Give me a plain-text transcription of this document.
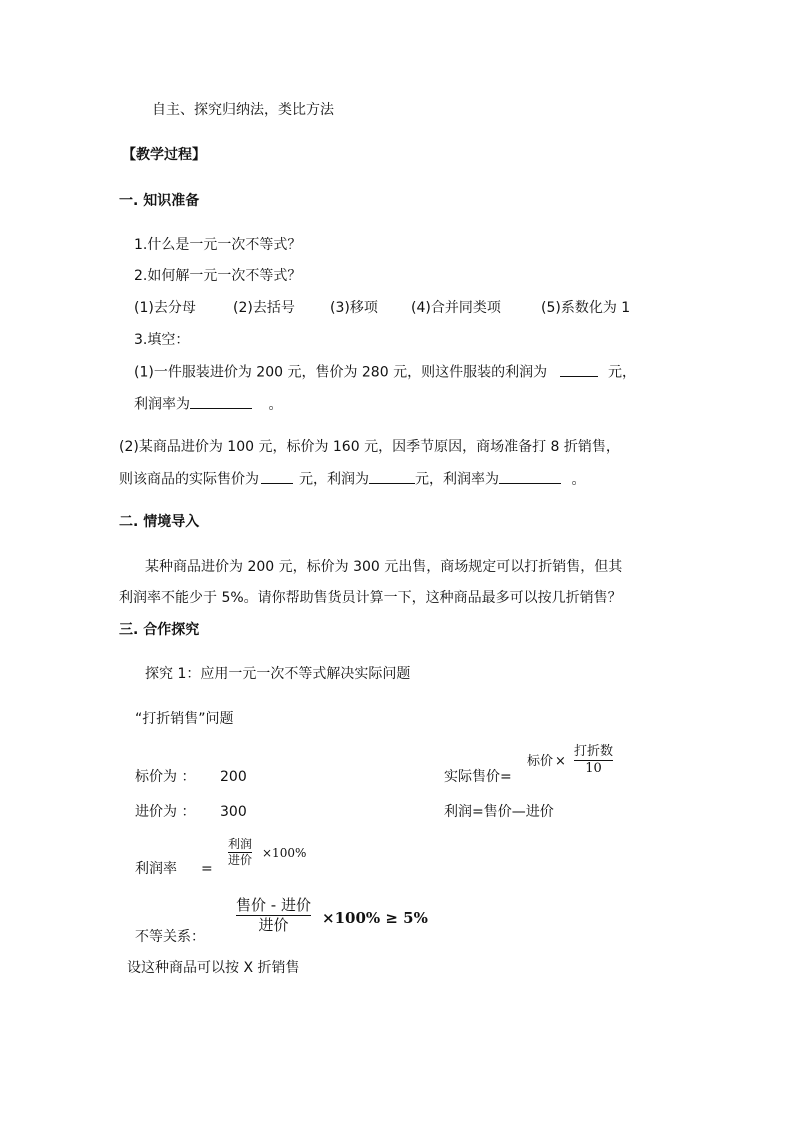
自主、探究归纳法，类比方法
【教学过程】
一. 知识准备
1.什么是一元一次不等式？
2.如何解一元一次不等式？
(1)去分母	(2)去括号	(3)移项 (4)合并同类项	(5)系数化为 1
3.填空：
(1)一件服装进价为 200 元，售价为 280 元，则这件服装的利润为	元，
利润率为	。
(2)某商品进价为 100 元，标价为 160 元，因季节原因，商场准备打 8 折销售，
则该商品的实际售价为	元，利润为	元，利润率为	。
二. 情境导入
某种商品进价为 200 元，标价为 300 元出售，商场规定可以打折销售，但其
利润率不能少于 5%。请你帮助售货员计算一下，这种商品最多可以按几折销售？
三. 合作探究
探究 1：应用一元一次不等式解决实际问题
“打折销售”问题
标价为 ： 200	实际售价=
标价 ×
打折数
10
进价为 ： 300	利润=售价—进价
利润率 =
利润
进价
×100%
不等关系：
售价 - 进价
进价 ×100% ≥ 5%
设这种商品可以按 X 折销售
